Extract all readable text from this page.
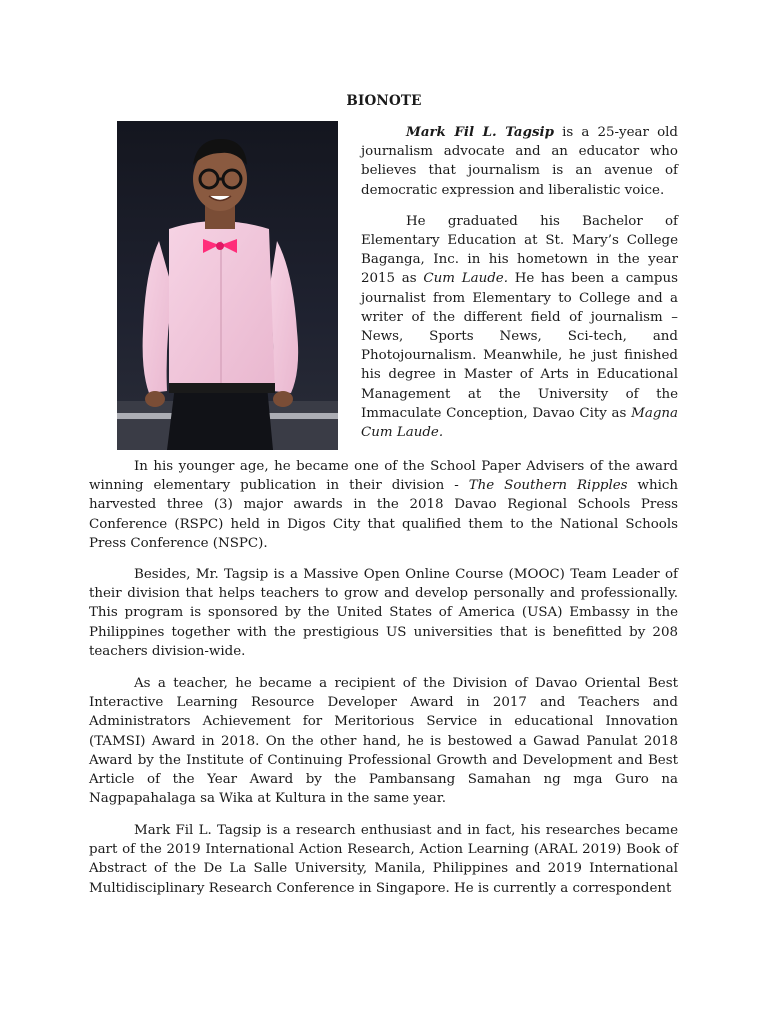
BIONOTE

Mark Fil L. Tagsip is a 25-year old journalism advocate and an educator who believes that journalism is an avenue of democratic expression and liberalistic voice.

He graduated his Bachelor of Elementary Education at St. Mary’s College Baganga, Inc. in his hometown in the year 2015 as Cum Laude. He has been a campus journalist from Elementary to College and a writer of the different field of journalism – News, Sports News, Sci-tech, and Photojournalism. Meanwhile, he just finished his degree in Master of Arts in Educational Management at the University of the Immaculate Conception, Davao City as Magna Cum Laude.

In his younger age, he became one of the School Paper Advisers of the award winning elementary publication in their division - The Southern Ripples which harvested three (3) major awards in the 2018 Davao Regional Schools Press Conference (RSPC) held in Digos City that qualified them to the National Schools Press Conference (NSPC).

Besides, Mr. Tagsip is a Massive Open Online Course (MOOC) Team Leader of their division that helps teachers to grow and develop personally and professionally. This program is sponsored by the United States of America (USA) Embassy in the Philippines together with the prestigious US universities that is benefitted by 208 teachers division-wide.

As a teacher, he became a recipient of the Division of Davao Oriental Best Interactive Learning Resource Developer Award in 2017 and Teachers and Administrators Achievement for Meritorious Service in educational Innovation (TAMSI) Award in 2018. On the other hand, he is bestowed a Gawad Panulat 2018 Award by the Institute of Continuing Professional Growth and Development and Best Article of the Year Award by the Pambansang Samahan ng mga Guro na Nagpapahalaga sa Wika at Kultura in the same year.

Mark Fil L. Tagsip is a research enthusiast and in fact, his researches became part of the 2019 International Action Research, Action Learning (ARAL 2019) Book of Abstract of the De La Salle University, Manila, Philippines and 2019 International Multidisciplinary Research Conference in Singapore. He is currently a correspondent
